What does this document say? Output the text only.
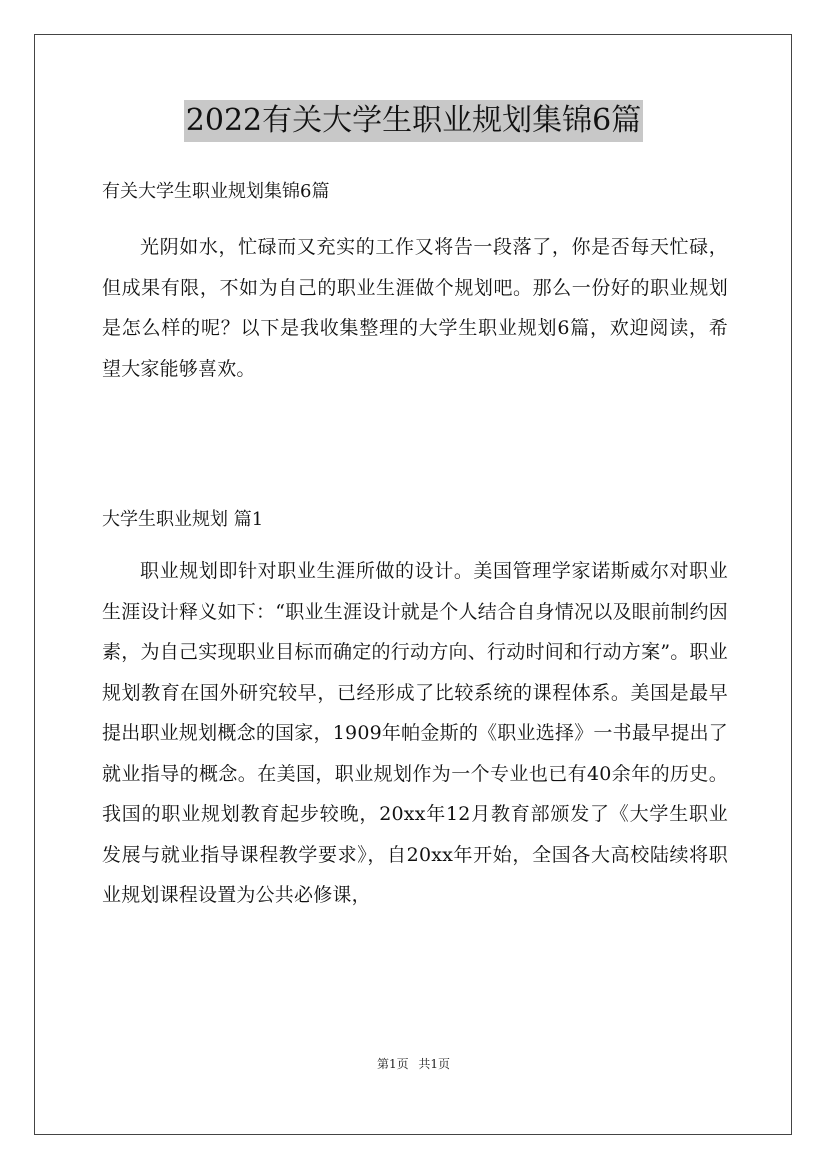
2022有关大学生职业规划集锦6篇

有关大学生职业规划集锦6篇

光阴如水，忙碌而又充实的工作又将告一段落了，你是否每天忙碌，但成果有限，不如为自己的职业生涯做个规划吧。那么一份好的职业规划是怎么样的呢？以下是我收集整理的大学生职业规划6篇，欢迎阅读，希望大家能够喜欢。

大学生职业规划 篇1

职业规划即针对职业生涯所做的设计。美国管理学家诺斯威尔对职业生涯设计释义如下：“职业生涯设计就是个人结合自身情况以及眼前制约因素，为自己实现职业目标而确定的行动方向、行动时间和行动方案”。职业规划教育在国外研究较早，已经形成了比较系统的课程体系。美国是最早提出职业规划概念的国家，1909年帕金斯的《职业选择》一书最早提出了就业指导的概念。在美国，职业规划作为一个专业也已有40余年的历史。我国的职业规划教育起步较晚，20xx年12月教育部颁发了《大学生职业发展与就业指导课程教学要求》，自20xx年开始，全国各大高校陆续将职业规划课程设置为公共必修课，

第1页 共1页
